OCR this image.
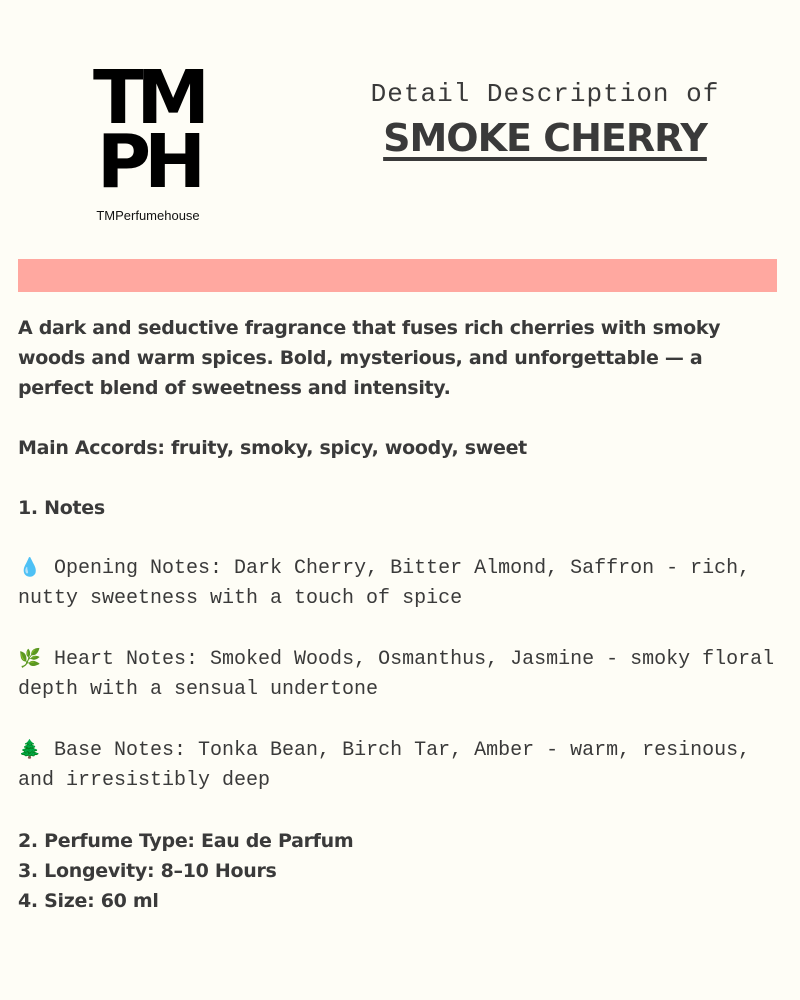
TM
PH
TMPerfumehouse
Detail Description of
SMOKE CHERRY
A dark and seductive fragrance that fuses rich cherries with smoky woods and warm spices. Bold, mysterious, and unforgettable — a perfect blend of sweetness and intensity.
Main Accords: fruity, smoky, spicy, woody, sweet
1. Notes
💧 Opening Notes: Dark Cherry, Bitter Almond, Saffron - rich, nutty sweetness with a touch of spice
🌿 Heart Notes: Smoked Woods, Osmanthus, Jasmine - smoky floral depth with a sensual undertone
🌲 Base Notes: Tonka Bean, Birch Tar, Amber - warm, resinous, and irresistibly deep
2. Perfume Type: Eau de Parfum
3. Longevity: 8–10 Hours
4. Size: 60 ml
